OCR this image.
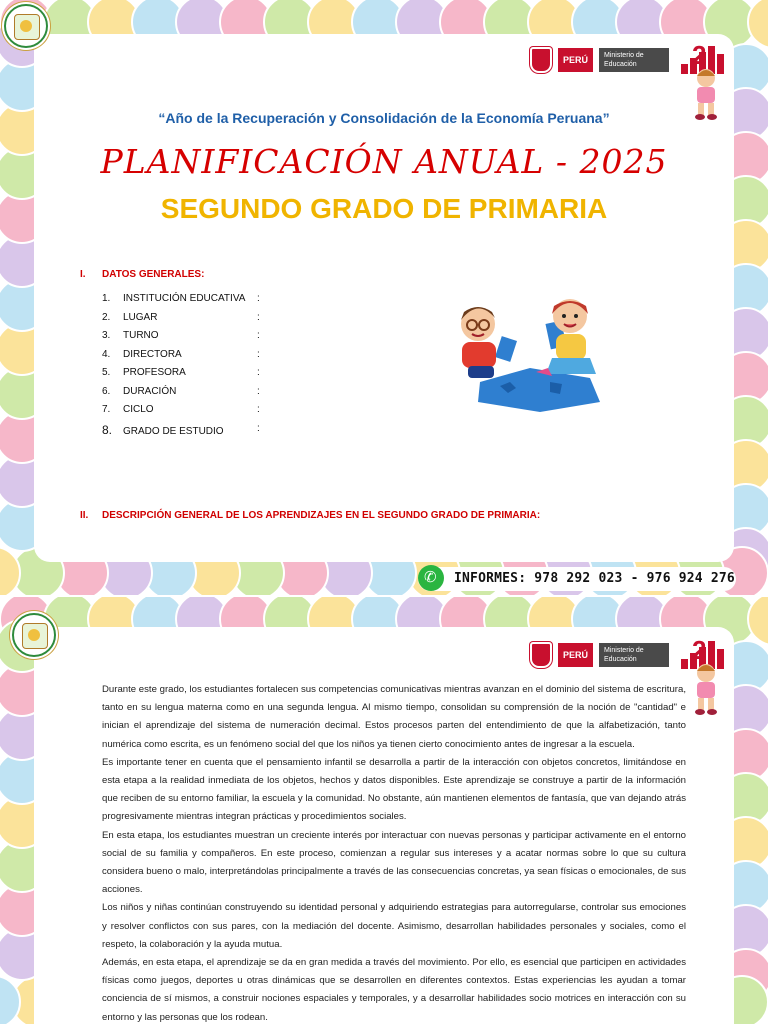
PERÚ	Ministerio de Educación	2
“Año de la Recuperación y Consolidación de la Economía Peruana”
PLANIFICACIÓN ANUAL - 2025
SEGUNDO GRADO DE PRIMARIA
I. DATOS GENERALES:
1. INSTITUCIÓN EDUCATIVA :
2. LUGAR	:
3. TURNO	:
4. DIRECTORA	:
5. PROFESORA	:
6. DURACIÓN	:
7. CICLO	:
8. GRADO DE ESTUDIO	:
II. DESCRIPCIÓN GENERAL DE LOS APRENDIZAJES EN EL SEGUNDO GRADO DE PRIMARIA:
✆
INFORMES: 978 292 023 - 976 924 276
PERÚ	Ministerio de Educación	2

Durante este grado, los estudiantes fortalecen sus competencias comunicativas mientras avanzan en el dominio del sistema de escritura, tanto en su lengua materna como en una segunda lengua. Al mismo tiempo, consolidan su comprensión de la noción de "cantidad" e inician el aprendizaje del sistema de numeración decimal. Estos procesos parten del entendimiento de que la alfabetización, tanto numérica como escrita, es un fenómeno social del que los niños ya tienen cierto conocimiento antes de ingresar a la escuela.

Es importante tener en cuenta que el pensamiento infantil se desarrolla a partir de la interacción con objetos concretos, limitándose en esta etapa a la realidad inmediata de los objetos, hechos y datos disponibles. Este aprendizaje se construye a partir de la información que reciben de su entorno familiar, la escuela y la comunidad. No obstante, aún mantienen elementos de fantasía, que van dejando atrás progresivamente mientras integran prácticas y procedimientos sociales.

En esta etapa, los estudiantes muestran un creciente interés por interactuar con nuevas personas y participar activamente en el entorno social de su familia y compañeros. En este proceso, comienzan a regular sus intereses y a acatar normas sobre lo que su cultura considera bueno o malo, interpretándolas principalmente a través de las consecuencias concretas, ya sean físicas o emocionales, de sus acciones.

Los niños y niñas continúan construyendo su identidad personal y adquiriendo estrategias para autorregularse, controlar sus emociones y resolver conflictos con sus pares, con la mediación del docente. Asimismo, desarrollan habilidades personales y sociales, como el respeto, la colaboración y la ayuda mutua.

Además, en esta etapa, el aprendizaje se da en gran medida a través del movimiento. Por ello, es esencial que participen en actividades físicas como juegos, deportes u otras dinámicas que se desarrollen en diferentes contextos. Estas experiencias les ayudan a tomar conciencia de sí mismos, a construir nociones espaciales y temporales, y a desarrollar habilidades socio motrices en interacción con su entorno y las personas que los rodean.
